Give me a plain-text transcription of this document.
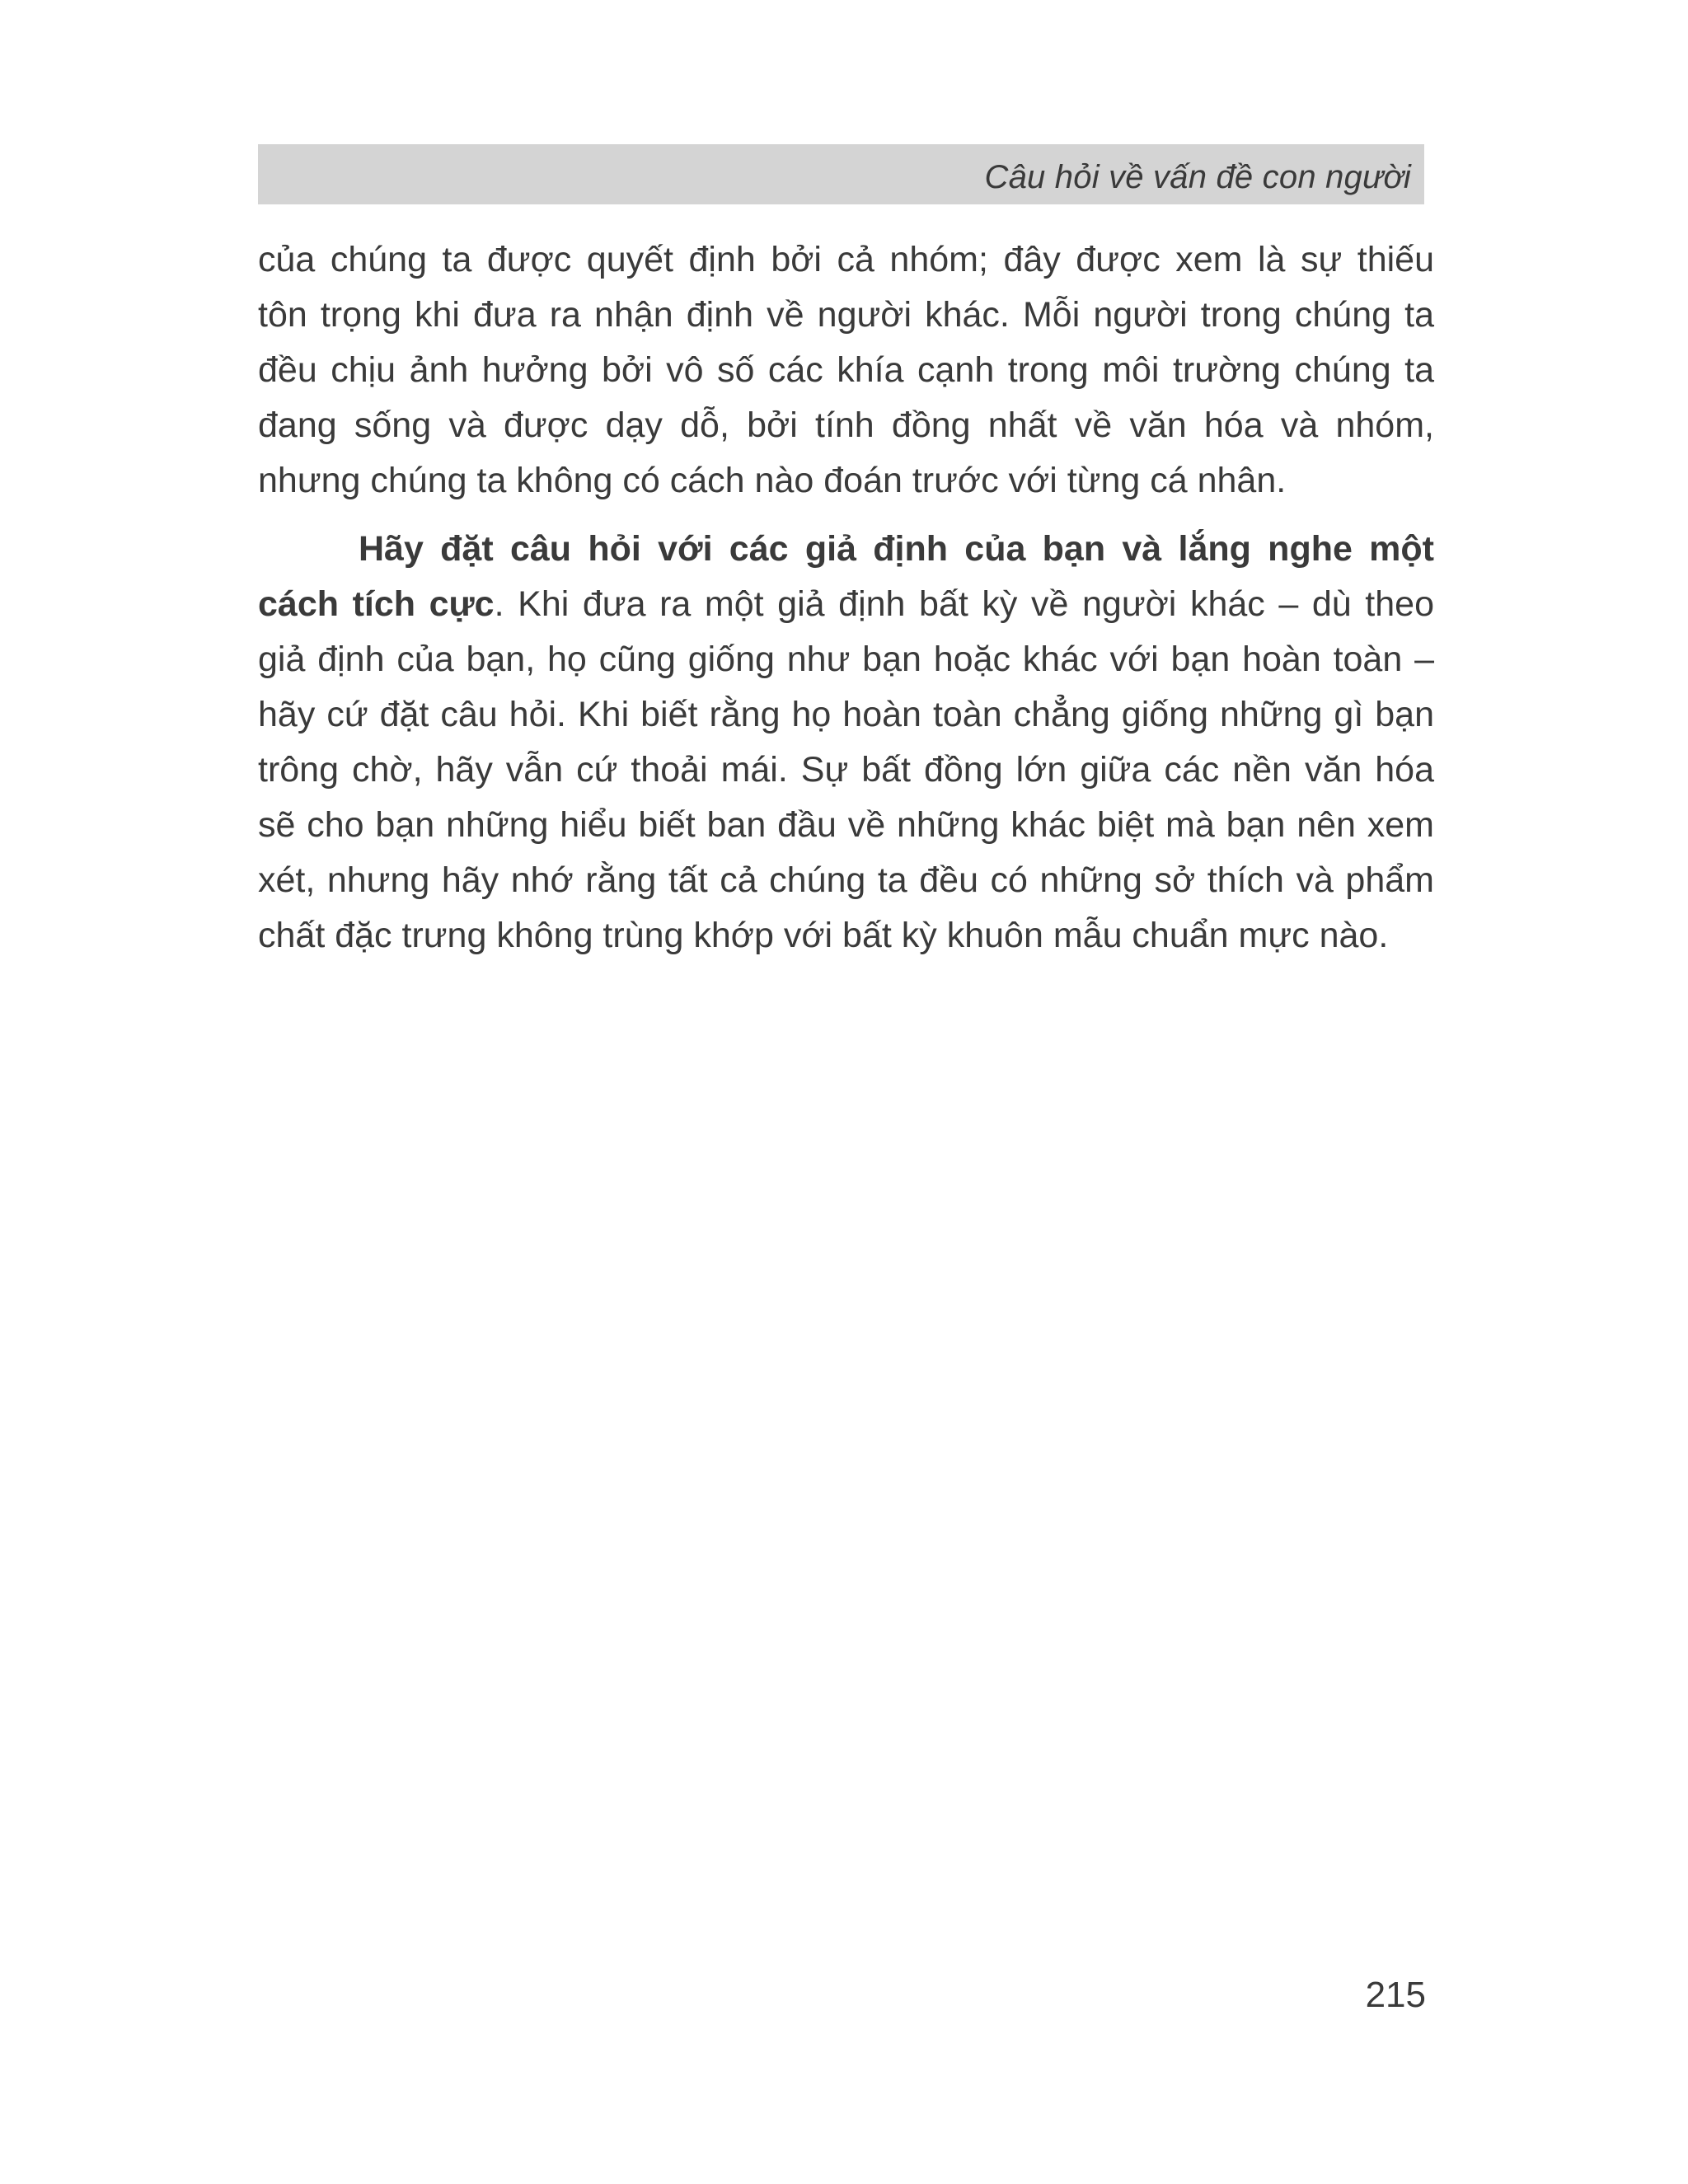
Câu hỏi về vấn đề con người
của chúng ta được quyết định bởi cả nhóm; đây được xem là sự thiếu
tôn trọng khi đưa ra nhận định về người khác. Mỗi người trong chúng ta
đều chịu ảnh hưởng bởi vô số các khía cạnh trong môi trường chúng ta
đang sống và được dạy dỗ, bởi tính đồng nhất về văn hóa và nhóm,
nhưng chúng ta không có cách nào đoán trước với từng cá nhân.
Hãy đặt câu hỏi với các giả định của bạn và lắng nghe một
cách tích cực. Khi đưa ra một giả định bất kỳ về người khác – dù theo
giả định của bạn, họ cũng giống như bạn hoặc khác với bạn hoàn toàn –
hãy cứ đặt câu hỏi. Khi biết rằng họ hoàn toàn chẳng giống những gì bạn
trông chờ, hãy vẫn cứ thoải mái. Sự bất đồng lớn giữa các nền văn hóa
sẽ cho bạn những hiểu biết ban đầu về những khác biệt mà bạn nên xem
xét, nhưng hãy nhớ rằng tất cả chúng ta đều có những sở thích và phẩm
chất đặc trưng không trùng khớp với bất kỳ khuôn mẫu chuẩn mực nào.
215
